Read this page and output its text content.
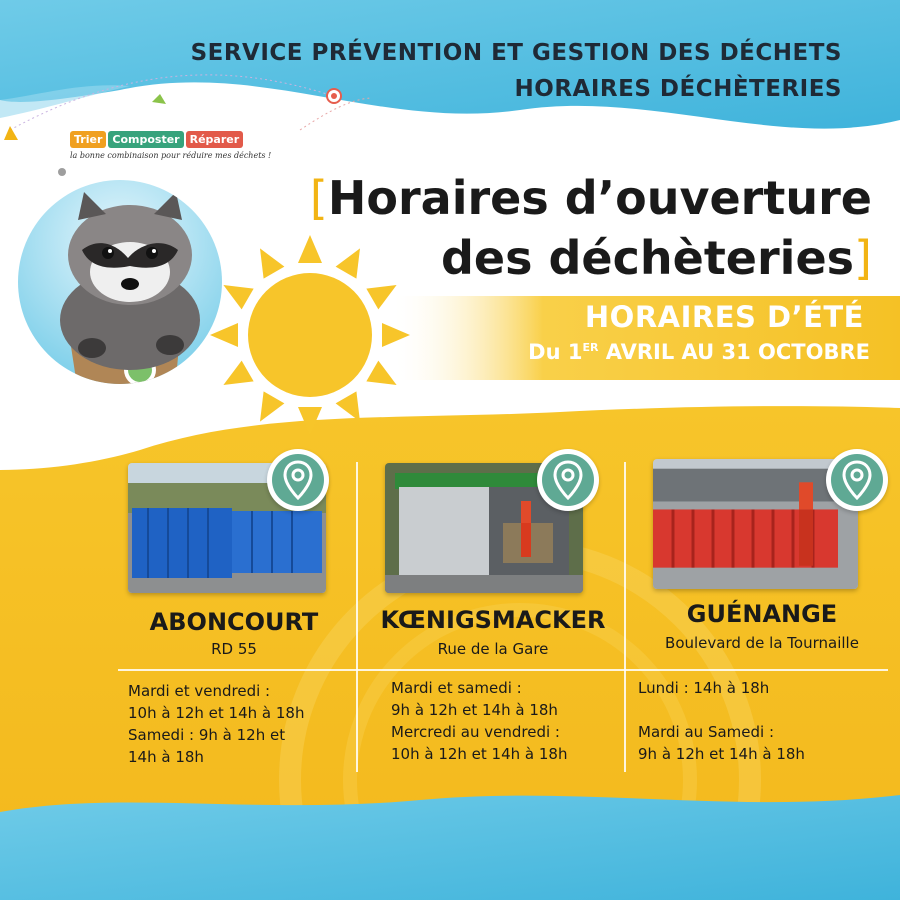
SERVICE PRÉVENTION ET GESTION DES DÉCHETS
HORAIRES DÉCHÈTERIES
Trier Composter Réparer
la bonne combinaison pour réduire mes déchets !
[Horaires d’ouverture
des déchèteries]
HORAIRES D’ÉTÉ
Du 1ER AVRIL AU 31 OCTOBRE
ABONCOURT
RD 55
KŒNIGSMACKER
Rue de la Gare
GUÉNANGE
Boulevard de la Tournaille
Mardi et vendredi :
10h à 12h et 14h à 18h
Samedi : 9h à 12h et
14h à 18h
Mardi et samedi :
9h à 12h et 14h à 18h
Mercredi au vendredi :
10h à 12h et 14h à 18h
Lundi : 14h à 18h
Mardi au Samedi :
9h à 12h et 14h à 18h
